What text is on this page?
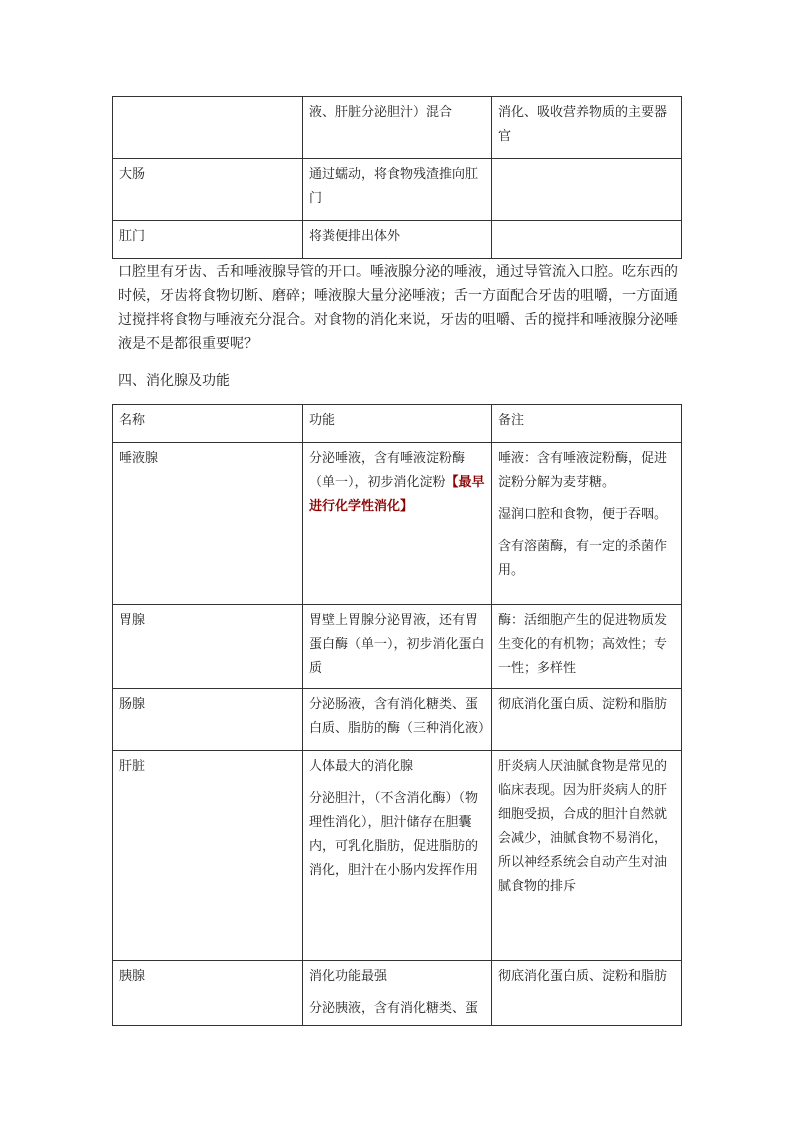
	液、肝脏分泌胆汁）混合	消化、吸收营养物质的主要器官
大肠	通过蠕动，将食物残渣推向肛门	
肛门	将粪便排出体外	

口腔里有牙齿、舌和唾液腺导管的开口。唾液腺分泌的唾液，通过导管流入口腔。吃东西的时候，牙齿将食物切断、磨碎；唾液腺大量分泌唾液；舌一方面配合牙齿的咀嚼，一方面通过搅拌将食物与唾液充分混合。对食物的消化来说，牙齿的咀嚼、舌的搅拌和唾液腺分泌唾液是不是都很重要呢？

四、消化腺及功能

名称	功能	备注
唾液腺	分泌唾液，含有唾液淀粉酶（单一），初步消化淀粉【最早进行化学性消化】	唾液：含有唾液淀粉酶，促进淀粉分解为麦芽糖。

湿润口腔和食物，便于吞咽。

含有溶菌酶，有一定的杀菌作用。

胃腺	胃壁上胃腺分泌胃液，还有胃蛋白酶（单一），初步消化蛋白质	酶：活细胞产生的促进物质发生变化的有机物；高效性；专一性；多样性
肠腺	分泌肠液，含有消化糖类、蛋白质、脂肪的酶（三种消化液）	彻底消化蛋白质、淀粉和脂肪
肝脏	人体最大的消化腺

分泌胆汁，（不含消化酶）（物理性消化），胆汁储存在胆囊内，可乳化脂肪，促进脂肪的消化，胆汁在小肠内发挥作用	肝炎病人厌油腻食物是常见的临床表现。因为肝炎病人的肝细胞受损，合成的胆汁自然就会减少，油腻食物不易消化，所以神经系统会自动产生对油腻食物的排斥
胰腺	消化功能最强

分泌胰液，含有消化糖类、蛋	彻底消化蛋白质、淀粉和脂肪
